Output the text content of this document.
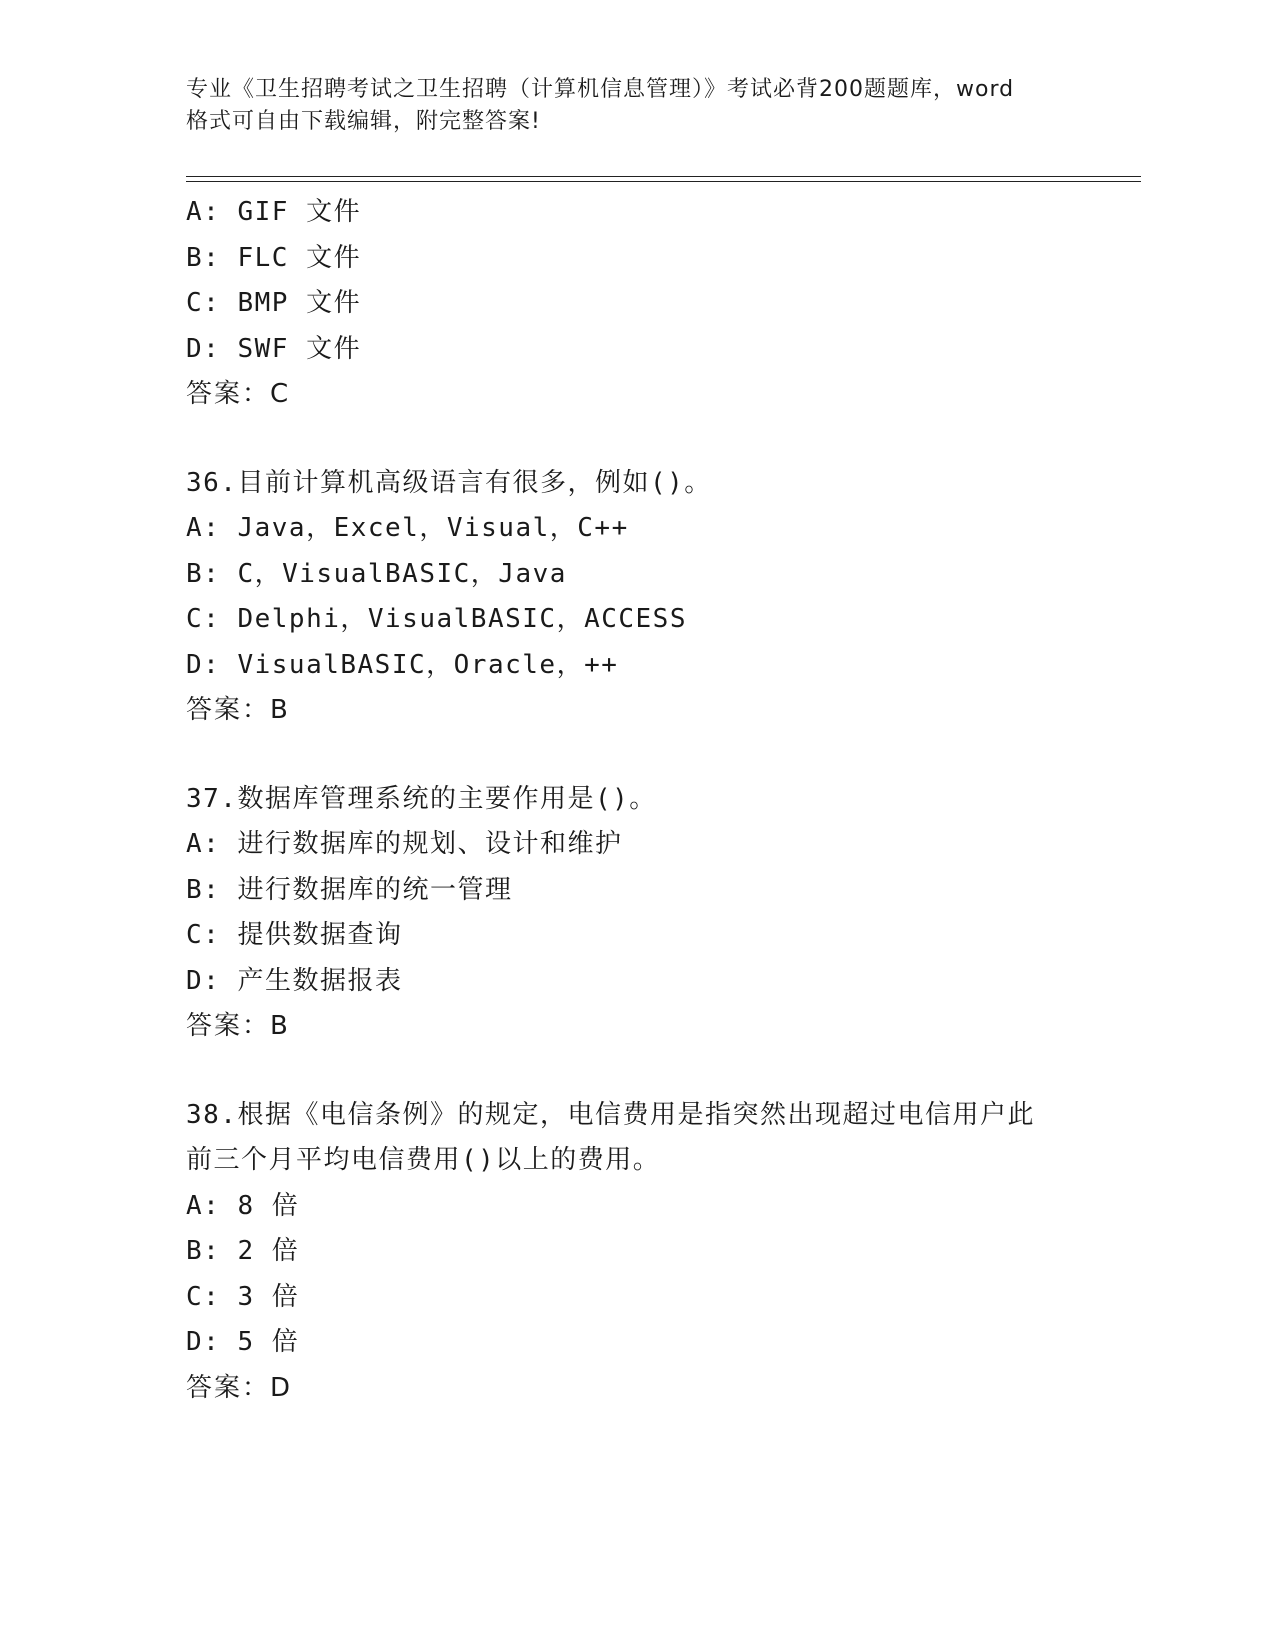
专业《卫生招聘考试之卫生招聘（计算机信息管理）》考试必背200题题库，word
格式可自由下载编辑，附完整答案!
A: GIF 文件
B: FLC 文件
C: BMP 文件
D: SWF 文件
答案：C
36.目前计算机高级语言有很多，例如()。
A: Java，Excel，Visual，C++
B: C，VisualBASIC，Java
C: Delphi，VisualBASIC，ACCESS
D: VisualBASIC，Oracle，++
答案：B
37.数据库管理系统的主要作用是()。
A: 进行数据库的规划、设计和维护
B: 进行数据库的统一管理
C: 提供数据查询
D: 产生数据报表
答案：B
38.根据《电信条例》的规定，电信费用是指突然出现超过电信用户此
前三个月平均电信费用()以上的费用。
A: 8 倍
B: 2 倍
C: 3 倍
D: 5 倍
答案：D
